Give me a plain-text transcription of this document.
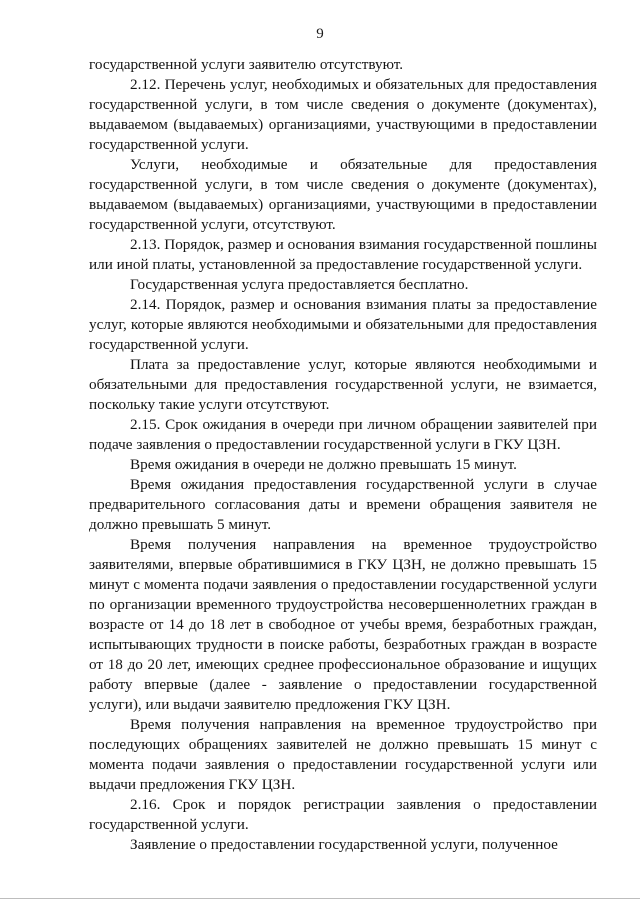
9

государственной услуги заявителю отсутствуют.

2.12. Перечень услуг, необходимых и обязательных для предоставления государственной услуги, в том числе сведения о документе (документах), выдаваемом (выдаваемых) организациями, участвующими в предоставлении государственной услуги.

Услуги, необходимые и обязательные для предоставления государственной услуги, в том числе сведения о документе (документах), выдаваемом (выдаваемых) организациями, участвующими в предоставлении государственной услуги, отсутствуют.

2.13. Порядок, размер и основания взимания государственной пошлины или иной платы, установленной за предоставление государственной услуги.

Государственная услуга предоставляется бесплатно.

2.14. Порядок, размер и основания взимания платы за предоставление услуг, которые являются необходимыми и обязательными для предоставления государственной услуги.

Плата за предоставление услуг, которые являются необходимыми и обязательными для предоставления государственной услуги, не взимается, поскольку такие услуги отсутствуют.

2.15. Срок ожидания в очереди при личном обращении заявителей при подаче заявления о предоставлении государственной услуги в ГКУ ЦЗН.

Время ожидания в очереди не должно превышать 15 минут.

Время ожидания предоставления государственной услуги в случае предварительного согласования даты и времени обращения заявителя не должно превышать 5 минут.

Время получения направления на временное трудоустройство заявителями, впервые обратившимися в ГКУ ЦЗН, не должно превышать 15 минут с момента подачи заявления о предоставлении государственной услуги по организации временного трудоустройства несовершеннолетних граждан в возрасте от 14 до 18 лет в свободное от учебы время, безработных граждан, испытывающих трудности в поиске работы, безработных граждан в возрасте от 18 до 20 лет, имеющих среднее профессиональное образование и ищущих работу впервые (далее - заявление о предоставлении государственной услуги), или выдачи заявителю предложения ГКУ ЦЗН.

Время получения направления на временное трудоустройство при последующих обращениях заявителей не должно превышать 15 минут с момента подачи заявления о предоставлении государственной услуги или выдачи предложения ГКУ ЦЗН.

2.16. Срок и порядок регистрации заявления о предоставлении государственной услуги.

Заявление о предоставлении государственной услуги, полученное
